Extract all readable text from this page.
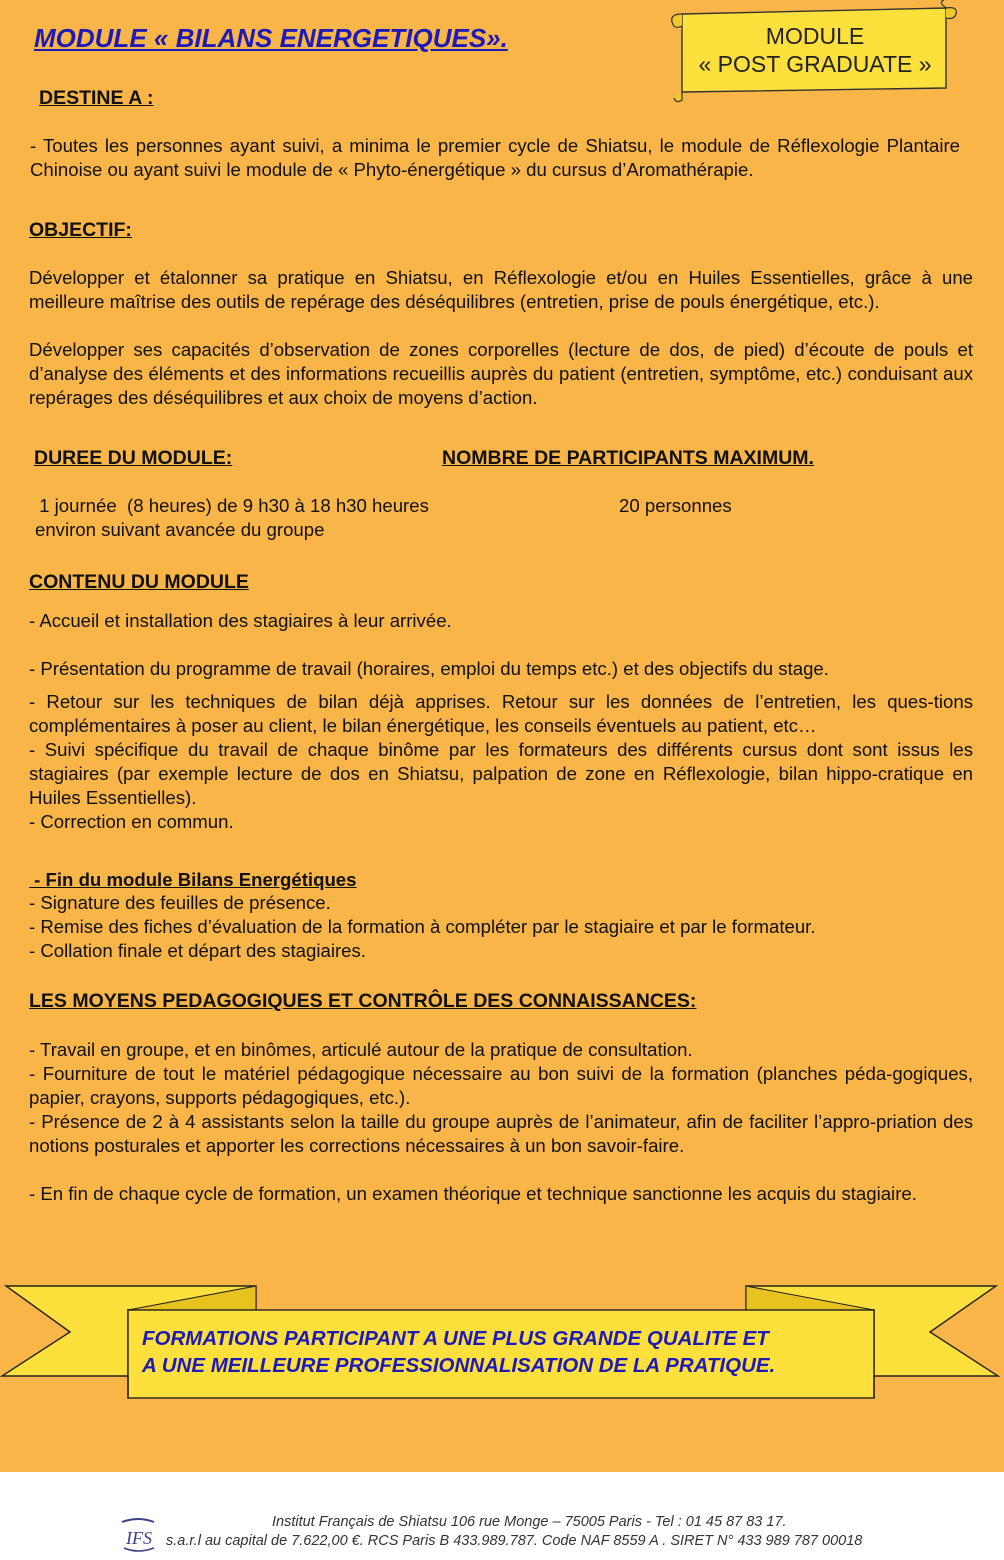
MODULE « BILANS ENERGETIQUES».	MODULE
« POST GRADUATE »
DESTINE A :

- Toutes les personnes ayant suivi, a minima le premier cycle de Shiatsu, le module de Réflexologie Plantaire Chinoise ou ayant suivi le module de « Phyto-énergétique » du cursus d’Aromathérapie.

OBJECTIF:

Développer et étalonner sa pratique en Shiatsu, en Réflexologie et/ou en Huiles Essentielles, grâce à une meilleure maîtrise des outils de repérage des déséquilibres (entretien, prise de pouls énergétique, etc.).

Développer ses capacités d’observation de zones corporelles (lecture de dos, de pied) d’écoute de pouls et d’analyse des éléments et des informations recueillis auprès du patient (entretien, symptôme, etc.) conduisant aux repérages des déséquilibres et aux choix de moyens d’action.

DUREE DU MODULE:	NOMBRE DE PARTICIPANTS MAXIMUM.
1 journée  (8 heures) de 9 h30 à 18 h30 heures
environ suivant avancée du groupe
20 personnes
CONTENU DU MODULE

- Accueil et installation des stagiaires à leur arrivée.

- Présentation du programme de travail (horaires, emploi du temps etc.) et des objectifs du stage.

- Retour sur les techniques de bilan déjà apprises. Retour sur les données de l’entretien, les ques-tions complémentaires à poser au client, le bilan énergétique, les conseils éventuels au patient, etc…

- Suivi spécifique du travail de chaque binôme par les formateurs des différents cursus dont sont issus les stagiaires (par exemple lecture de dos en Shiatsu, palpation de zone en Réflexologie, bilan hippo-cratique en Huiles Essentielles).

- Correction en commun.

- Fin du module Bilans Energétiques

- Signature des feuilles de présence.

- Remise des fiches d’évaluation de la formation à compléter par le stagiaire et par le formateur.

- Collation finale et départ des stagiaires.

LES MOYENS PEDAGOGIQUES ET CONTRÔLE DES CONNAISSANCES:

- Travail en groupe, et en binômes, articulé autour de la pratique de consultation.

- Fourniture de tout le matériel pédagogique nécessaire au bon suivi de la formation (planches péda-gogiques, papier, crayons, supports pédagogiques, etc.).

- Présence de 2 à 4 assistants selon la taille du groupe auprès de l’animateur, afin de faciliter l’appro-priation des notions posturales et apporter les corrections nécessaires à un bon savoir-faire.

- En fin de chaque cycle de formation, un examen théorique et technique sanctionne les acquis du stagiaire.

FORMATIONS PARTICIPANT A UNE PLUS GRANDE QUALITE ET
A UNE MEILLEURE PROFESSIONNALISATION DE LA PRATIQUE.
IFS
Institut Français de Shiatsu 106 rue Monge – 75005 Paris - Tel : 01 45 87 83 17.
s.a.r.l au capital de 7.622,00 €. RCS Paris B 433.989.787. Code NAF 8559 A . SIRET N° 433 989 787 00018
